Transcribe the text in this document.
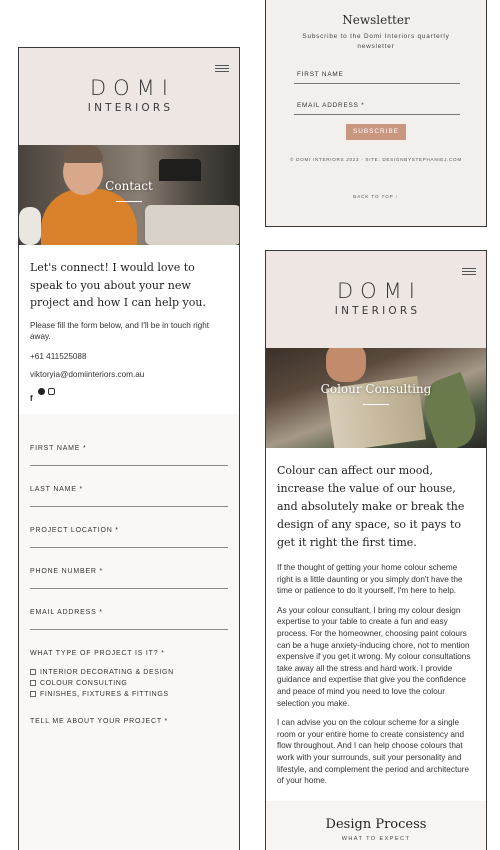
DOMI
INTERIORS
Contact

Let's connect! I would love to speak to you about your new project and how I can help you.

Please fill the form below, and I'll be in touch right away.

+61 411525088

viktoryia@domiinteriors.com.au

f
FIRST NAME *
LAST NAME *
PROJECT LOCATION *
PHONE NUMBER *
EMAIL ADDRESS *
WHAT TYPE OF PROJECT IS IT? *
INTERIOR DECORATING & DESIGN
COLOUR CONSULTING
FINISHES, FIXTURES & FITTINGS
TELL ME ABOUT YOUR PROJECT *
Newsletter
Subscribe to the Domi Interiors quarterly newsletter
FIRST NAME
EMAIL ADDRESS *
SUBSCRIBE
© DOMI INTERIORS 2023 · SITE: DESIGNBYSTEPHANIEJ.COM
BACK TO TOP ↑
DOMI
INTERIORS
Colour Consulting

Colour can affect our mood, increase the value of our house, and absolutely make or break the design of any space, so it pays to get it right the first time.

If the thought of getting your home colour scheme right is a little daunting or you simply don't have the time or patience to do it yourself, I'm here to help.

As your colour consultant, I bring my colour design expertise to your table to create a fun and easy process. For the homeowner, choosing paint colours can be a huge anxiety-inducing chore, not to mention expensive if you get it wrong. My colour consultations take away all the stress and hard work. I provide guidance and expertise that give you the confidence and peace of mind you need to love the colour selection you make.

I can advise you on the colour scheme for a single room or your entire home to create consistency and flow throughout. And I can help choose colours that work with your surrounds, suit your personality and lifestyle, and complement the period and architecture of your home.

Design Process
WHAT TO EXPECT
